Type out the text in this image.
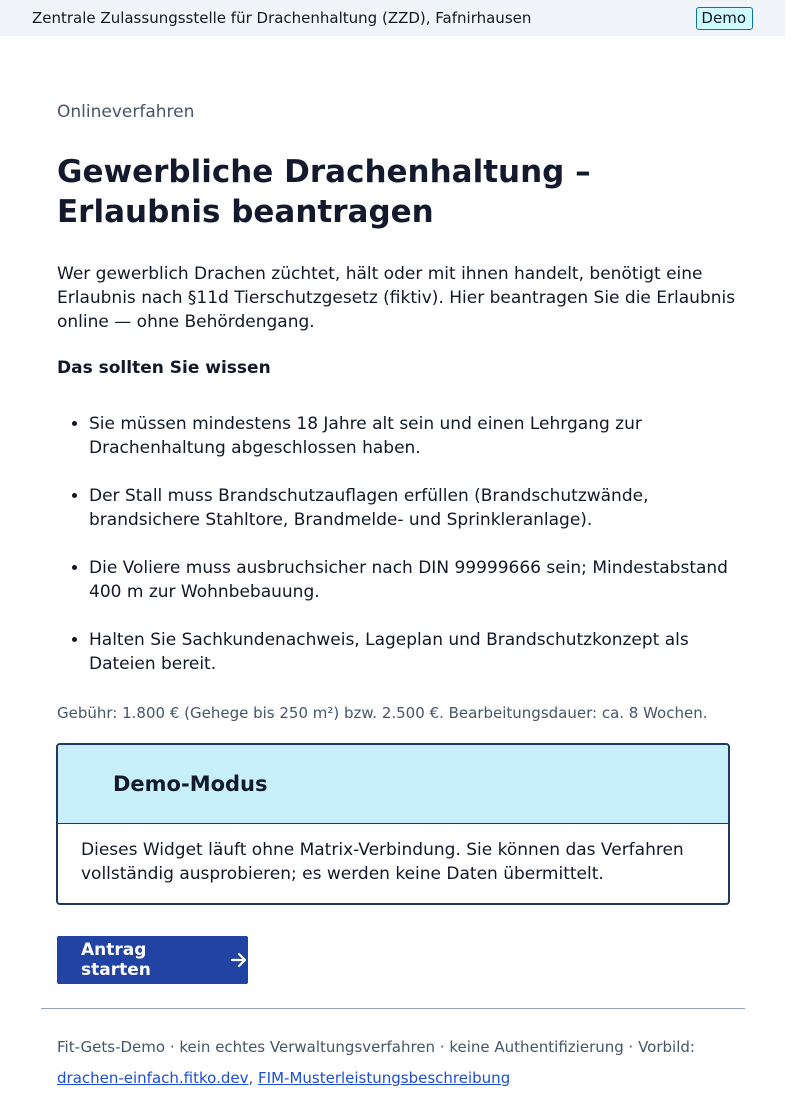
Zentrale Zulassungsstelle für Drachenhaltung (ZZD), Fafnirhausen	Demo
Onlineverfahren
Gewerbliche Drachenhaltung – Erlaubnis beantragen

Wer gewerblich Drachen züchtet, hält oder mit ihnen handelt, benötigt eine Erlaubnis nach §11d Tierschutzgesetz (fiktiv). Hier beantragen Sie die Erlaubnis online — ohne Behördengang.

Das sollten Sie wissen
• Sie müssen mindestens 18 Jahre alt sein und einen Lehrgang zur Drachenhaltung abgeschlossen haben.
• Der Stall muss Brandschutzauflagen erfüllen (Brandschutzwände, brandsichere Stahltore, Brandmelde- und Sprinkleranlage).
• Die Voliere muss ausbruchsicher nach DIN 99999666 sein; Mindestabstand 400 m zur Wohnbebauung.
• Halten Sie Sachkundenachweis, Lageplan und Brandschutzkonzept als Dateien bereit.
Gebühr: 1.800 € (Gehege bis 250 m²) bzw. 2.500 €. Bearbeitungsdauer: ca. 8 Wochen.
Demo-Modus
Dieses Widget läuft ohne Matrix-Verbindung. Sie können das Verfahren vollständig ausprobieren; es werden keine Daten übermittelt.
Antrag starten
Fit-Gets-Demo · kein echtes Verwaltungsverfahren · keine Authentifizierung · Vorbild:
drachen-einfach.fitko.dev, FIM-Musterleistungsbeschreibung
